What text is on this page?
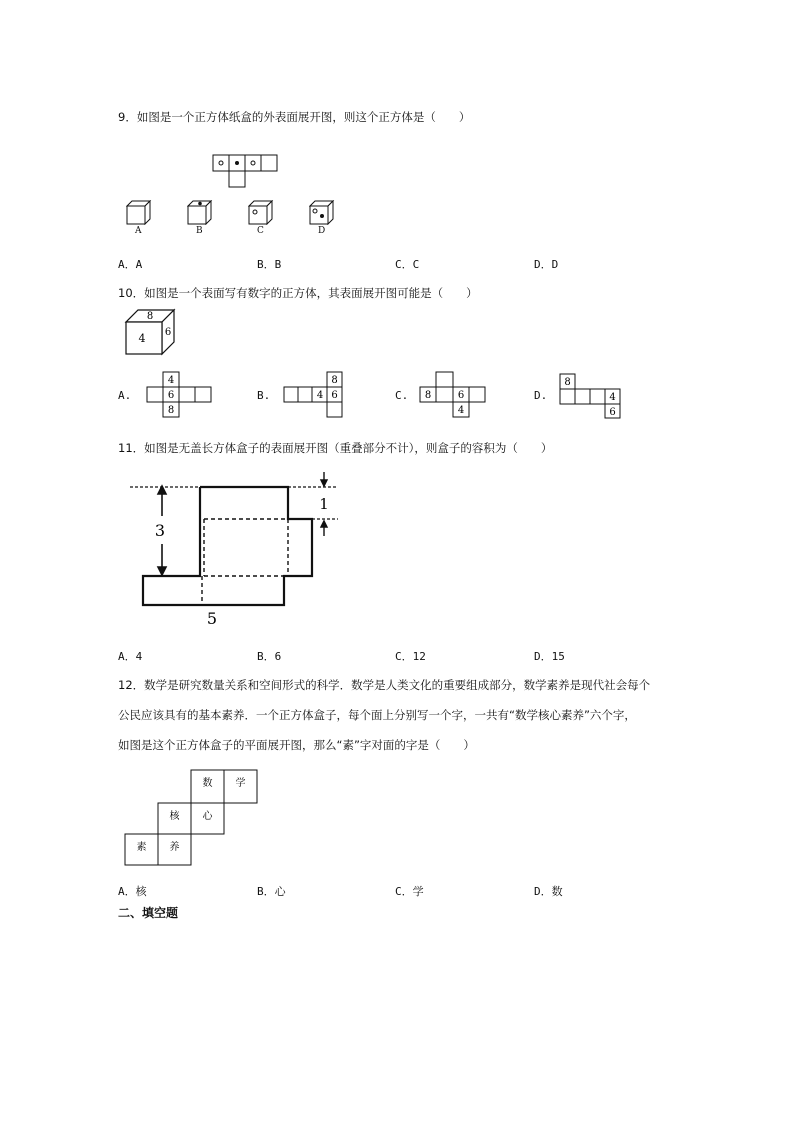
9．如图是一个正方体纸盒的外表面展开图，则这个正方体是（　　）
A	B	C	D
A．A	B．B	C．C	D．D
10．如图是一个表面写有数字的正方体，其表面展开图可能是（　　）
8
6
4
A.
4
6
8
B.
8
4 6	C. 8	6
4
D.
8
4
6
11．如图是无盖长方体盒子的表面展开图（重叠部分不计），则盒子的容积为（　　）
3
1
5
A．4	B．6	C．12	D．15
12．数学是研究数量关系和空间形式的科学．数学是人类文化的重要组成部分，数学素养是现代社会每个
公民应该具有的基本素养．一个正方体盒子，每个面上分别写一个字，一共有“数学核心素养”六个字，
如图是这个正方体盒子的平面展开图，那么“素”字对面的字是（　　）
数 学
核 心
素 养
A．核	B．心	C．学	D．数
二、填空题
